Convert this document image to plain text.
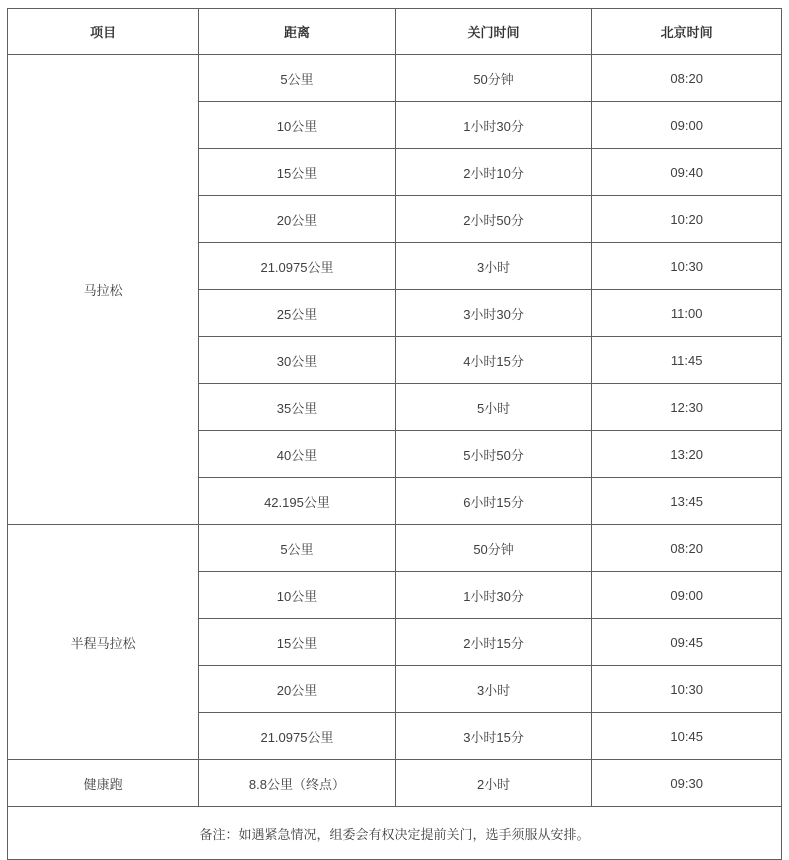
项目	距离	关门时间	北京时间
马拉松	5公里	50分钟	08:20
	10公里	1小时30分	09:00
	15公里	2小时10分	09:40
	20公里	2小时50分	10:20
	21.0975公里	3小时	10:30
	25公里	3小时30分	11:00
	30公里	4小时15分	11:45
	35公里	5小时	12:30
	40公里	5小时50分	13:20
	42.195公里	6小时15分	13:45
半程马拉松	5公里	50分钟	08:20
	10公里	1小时30分	09:00
	15公里	2小时15分	09:45
	20公里	3小时	10:30
	21.0975公里	3小时15分	10:45
健康跑	8.8公里（终点）	2小时	09:30
备注：如遇紧急情况，组委会有权决定提前关门，选手须服从安排。			
